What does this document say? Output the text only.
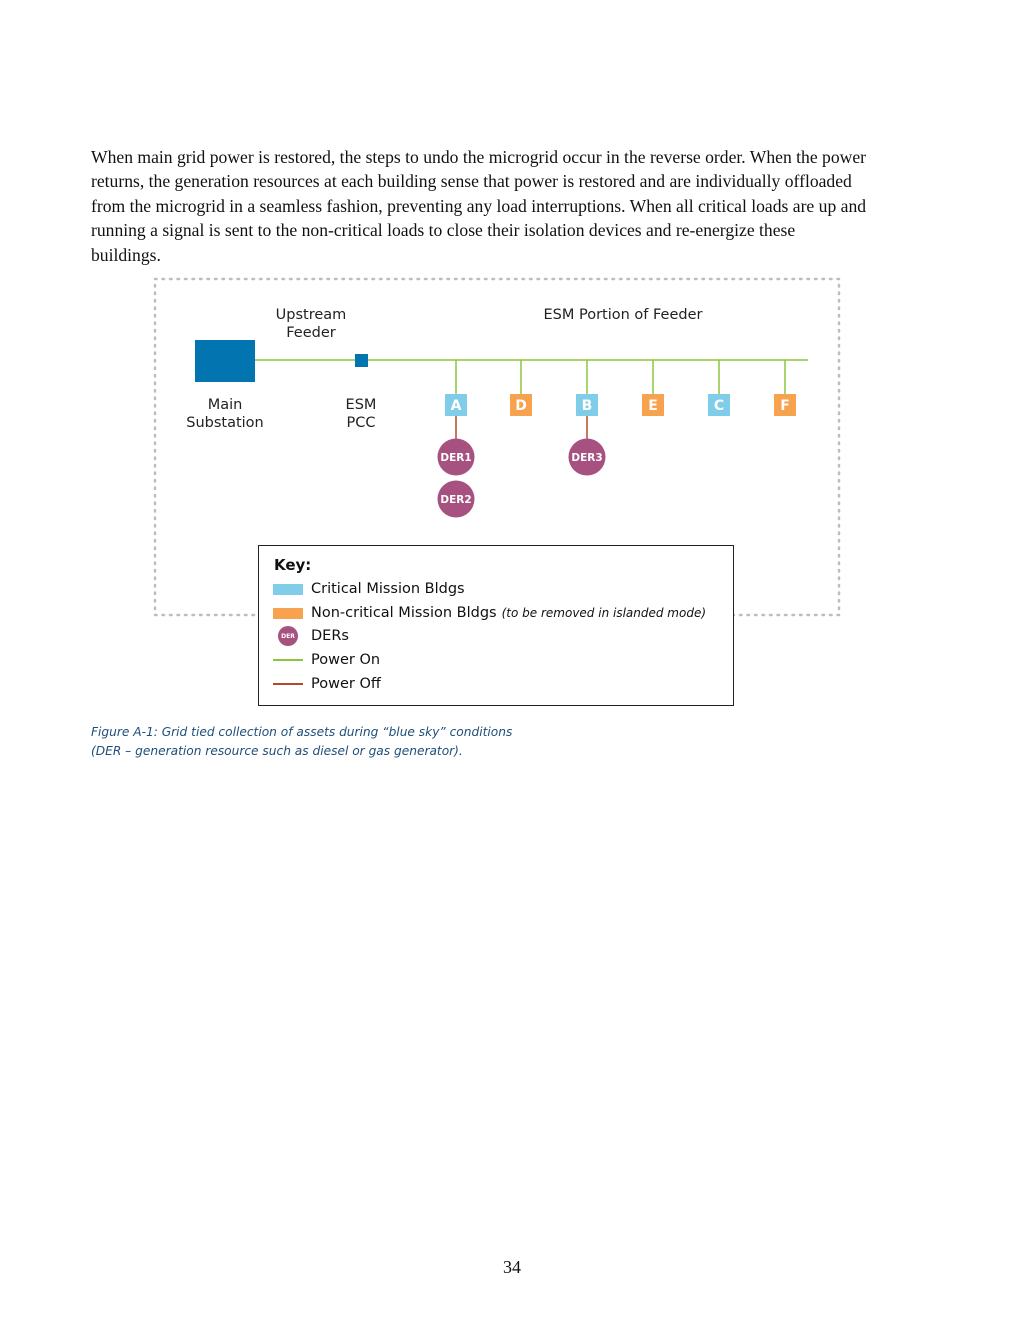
When main grid power is restored, the steps to undo the microgrid occur in the reverse order. When the power
returns, the generation resources at each building sense that power is restored and are individually offloaded
from the microgrid in a seamless fashion, preventing any load interruptions. When all critical loads are up and
running a signal is sent to the non-critical loads to close their isolation devices and re-energize these
buildings.
Upstream
Feeder
ESM Portion of Feeder
Main
Substation
ESM
PCC
A	D	B	E	C	F
DER1
DER2
DER3
Key:
Critical Mission Bldgs
Non-critical Mission Bldgs (to be removed in islanded mode)
DER DERs
Power On
Power Off
Figure A-1: Grid tied collection of assets during “blue sky” conditions
(DER – generation resource such as diesel or gas generator).
34
